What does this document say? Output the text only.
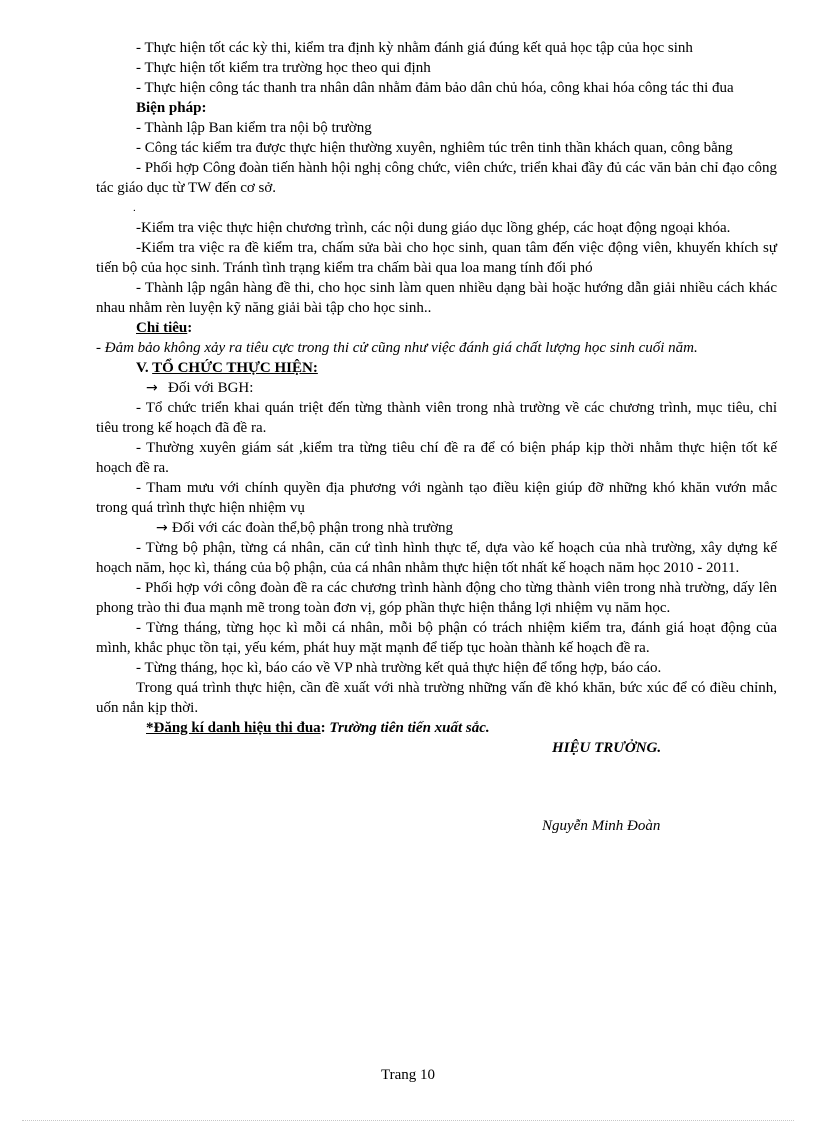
- Thực hiện tốt các kỳ thi, kiểm tra định kỳ nhằm đánh giá đúng kết quả học tập của học sinh

- Thực hiện tốt kiểm tra trường học theo qui định

- Thực hiện công tác thanh tra nhân dân nhằm đảm bảo dân chủ hóa, công khai hóa công tác thi đua

Biện pháp:

- Thành lập Ban kiểm tra nội bộ trường

- Công tác kiểm tra được thực hiện thường xuyên, nghiêm túc trên tinh thần khách quan, công bằng

- Phối hợp Công đoàn tiến hành hội nghị công chức, viên chức, triển khai đầy đủ các văn bản chỉ đạo công tác giáo dục từ TW đến cơ sở.

.

-Kiểm tra việc thực hiện chương trình, các nội dung giáo dục lồng ghép, các hoạt động ngoại khóa.

-Kiểm tra việc ra đề kiểm tra, chấm sửa bài cho học sinh, quan tâm đến việc động viên, khuyến khích sự tiến bộ của học sinh. Tránh tình trạng kiểm tra chấm bài qua loa mang tính đối phó

- Thành lập ngân hàng đề thi, cho học sinh làm quen nhiều dạng bài hoặc hướng dẫn giải nhiều cách khác nhau nhằm rèn luyện kỹ năng giải bài tập cho học sinh..

Chỉ tiêu:

- Đảm bảo không xảy ra tiêu cực trong thi cử cũng như việc đánh giá chất lượng học sinh cuối năm.

V. TỔ CHỨC THỰC HIỆN:

→ Đối với BGH:

- Tổ chức triển khai quán triệt đến từng thành viên trong nhà trường về các chương trình, mục tiêu, chỉ tiêu trong kế hoạch đã đề ra.

- Thường xuyên giám sát ,kiểm tra từng tiêu chí đề ra để có biện pháp kịp thời nhằm thực hiện tốt kế hoạch đề ra.

- Tham mưu với chính quyền địa phương với ngành tạo điều kiện giúp đỡ những khó khăn vướn mắc trong quá trình thực hiện nhiệm vụ

→ Đối với các đoàn thể,bộ phận trong nhà trường

- Từng bộ phận, từng cá nhân, căn cứ tình hình thực tế, dựa vào kế hoạch của nhà trường, xây dựng kế hoạch năm, học kì, tháng của bộ phận, của cá nhân nhằm thực hiện tốt nhất kế hoạch năm học 2010 - 2011.

- Phối hợp với công đoàn đề ra các chương trình hành động cho từng thành viên trong nhà trường, dấy lên phong trào thi đua mạnh mẽ trong toàn đơn vị, góp phần thực hiện thắng lợi nhiệm vụ năm học.

- Từng tháng, từng học kì mỗi cá nhân, mỗi bộ phận có trách nhiệm kiểm tra, đánh giá hoạt động của mình, khắc phục tồn tại, yếu kém, phát huy mặt mạnh để tiếp tục hoàn thành kế hoạch đề ra.

- Từng tháng, học kì, báo cáo về VP nhà trường kết quả thực hiện để tổng hợp, báo cáo.

Trong quá trình thực hiện, cần đề xuất với nhà trường những vấn đề khó khăn, bức xúc để có điều chỉnh, uốn nắn kịp thời.

*Đăng kí danh hiệu thi đua: Trường tiên tiến xuất sắc.

HIỆU TRƯỞNG.

Nguyễn Minh Đoàn

Trang 10
